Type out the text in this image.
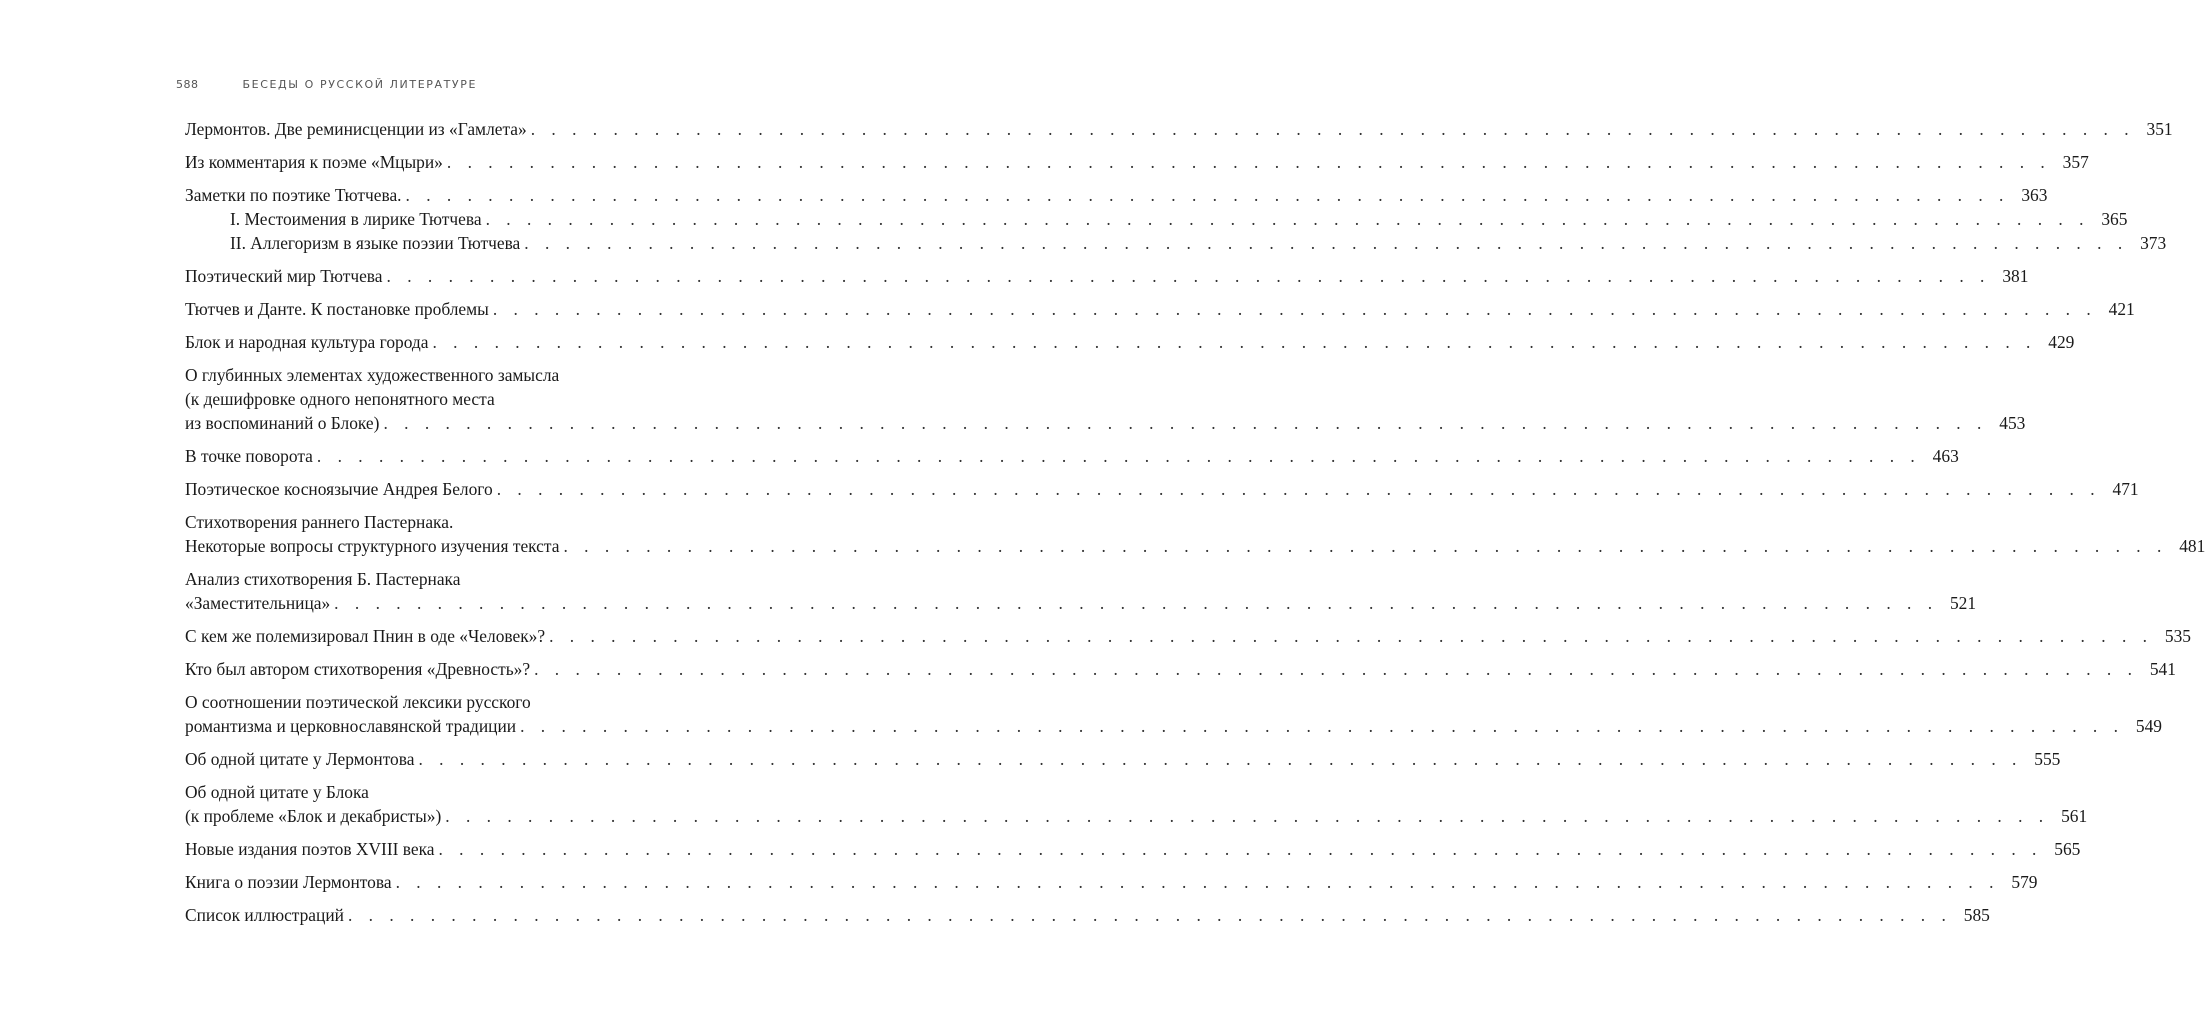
588	БЕСЕДЫ О РУССКОЙ ЛИТЕРАТУРЕ
Лермонтов. Две реминисценции из «Гамлета» . . . . . . . . . . . . . . . . . . . . . . . . . . . . . . . . . . . . . . . . . . . . . . . . . . . . . . . . . . . . . . . . . . . . . . . . . . . . . . 351
Из комментария к поэме «Мцыри» . . . . . . . . . . . . . . . . . . . . . . . . . . . . . . . . . . . . . . . . . . . . . . . . . . . . . . . . . . . . . . . . . . . . . . . . . . . . . . 357
Заметки по поэтике Тютчева. . . . . . . . . . . . . . . . . . . . . . . . . . . . . . . . . . . . . . . . . . . . . . . . . . . . . . . . . . . . . . . . . . . . . . . . . . . . . . . 363
I. Местоимения в лирике Тютчева . . . . . . . . . . . . . . . . . . . . . . . . . . . . . . . . . . . . . . . . . . . . . . . . . . . . . . . . . . . . . . . . . . . . . . . . . . . . . . 365
II. Аллегоризм в языке поэзии Тютчева . . . . . . . . . . . . . . . . . . . . . . . . . . . . . . . . . . . . . . . . . . . . . . . . . . . . . . . . . . . . . . . . . . . . . . . . . . . . . . 373
Поэтический мир Тютчева . . . . . . . . . . . . . . . . . . . . . . . . . . . . . . . . . . . . . . . . . . . . . . . . . . . . . . . . . . . . . . . . . . . . . . . . . . . . . . 381
Тютчев и Данте. К постановке проблемы . . . . . . . . . . . . . . . . . . . . . . . . . . . . . . . . . . . . . . . . . . . . . . . . . . . . . . . . . . . . . . . . . . . . . . . . . . . . . . 421
Блок и народная культура города . . . . . . . . . . . . . . . . . . . . . . . . . . . . . . . . . . . . . . . . . . . . . . . . . . . . . . . . . . . . . . . . . . . . . . . . . . . . . . 429
О глубинных элементах художественного замысла
(к дешифровке одного непонятного места
из воспоминаний о Блоке) . . . . . . . . . . . . . . . . . . . . . . . . . . . . . . . . . . . . . . . . . . . . . . . . . . . . . . . . . . . . . . . . . . . . . . . . . . . . . . 453
В точке поворота . . . . . . . . . . . . . . . . . . . . . . . . . . . . . . . . . . . . . . . . . . . . . . . . . . . . . . . . . . . . . . . . . . . . . . . . . . . . . . 463
Поэтическое косноязычие Андрея Белого . . . . . . . . . . . . . . . . . . . . . . . . . . . . . . . . . . . . . . . . . . . . . . . . . . . . . . . . . . . . . . . . . . . . . . . . . . . . . . 471
Стихотворения раннего Пастернака.
Некоторые вопросы структурного изучения текста . . . . . . . . . . . . . . . . . . . . . . . . . . . . . . . . . . . . . . . . . . . . . . . . . . . . . . . . . . . . . . . . . . . . . . . . . . . . . . 481
Анализ стихотворения Б. Пастернака
«Заместительница» . . . . . . . . . . . . . . . . . . . . . . . . . . . . . . . . . . . . . . . . . . . . . . . . . . . . . . . . . . . . . . . . . . . . . . . . . . . . . . 521
С кем же полемизировал Пнин в оде «Человек»? . . . . . . . . . . . . . . . . . . . . . . . . . . . . . . . . . . . . . . . . . . . . . . . . . . . . . . . . . . . . . . . . . . . . . . . . . . . . . . 535
Кто был автором стихотворения «Древность»? . . . . . . . . . . . . . . . . . . . . . . . . . . . . . . . . . . . . . . . . . . . . . . . . . . . . . . . . . . . . . . . . . . . . . . . . . . . . . . 541
О соотношении поэтической лексики русского
романтизма и церковнославянской традиции . . . . . . . . . . . . . . . . . . . . . . . . . . . . . . . . . . . . . . . . . . . . . . . . . . . . . . . . . . . . . . . . . . . . . . . . . . . . . . 549
Об одной цитате у Лермонтова . . . . . . . . . . . . . . . . . . . . . . . . . . . . . . . . . . . . . . . . . . . . . . . . . . . . . . . . . . . . . . . . . . . . . . . . . . . . . . 555
Об одной цитате у Блока
(к проблеме «Блок и декабристы») . . . . . . . . . . . . . . . . . . . . . . . . . . . . . . . . . . . . . . . . . . . . . . . . . . . . . . . . . . . . . . . . . . . . . . . . . . . . . . 561
Новые издания поэтов XVIII века . . . . . . . . . . . . . . . . . . . . . . . . . . . . . . . . . . . . . . . . . . . . . . . . . . . . . . . . . . . . . . . . . . . . . . . . . . . . . . 565
Книга о поэзии Лермонтова . . . . . . . . . . . . . . . . . . . . . . . . . . . . . . . . . . . . . . . . . . . . . . . . . . . . . . . . . . . . . . . . . . . . . . . . . . . . . . 579
Список иллюстраций . . . . . . . . . . . . . . . . . . . . . . . . . . . . . . . . . . . . . . . . . . . . . . . . . . . . . . . . . . . . . . . . . . . . . . . . . . . . . . 585
